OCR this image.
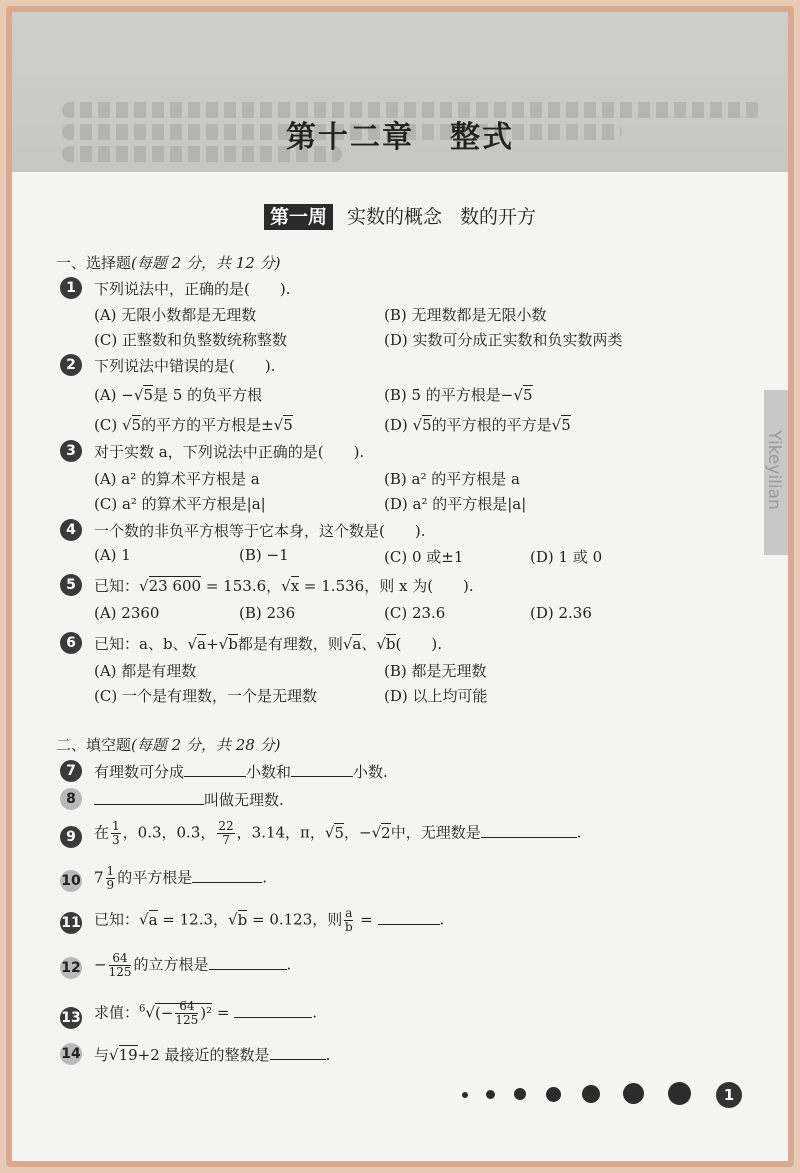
第十二章 整式
第一周 实数的概念 数的开方
Yikeyilian
一、选择题(每题 2 分，共 12 分)
1	下列说法中，正确的是(　　).
(A) 无限小数都是无理数	(B) 无理数都是无限小数
(C) 正整数和负整数统称整数	(D) 实数可分成正实数和负实数两类
2	下列说法中错误的是(　　).
(A) −√5是 5 的负平方根	(B) 5 的平方根是−√5
(C) √5的平方的平方根是±√5	(D) √5的平方根的平方是√5
3	对于实数 a，下列说法中正确的是(　　).
(A) a² 的算术平方根是 a	(B) a² 的平方根是 a
(C) a² 的算术平方根是|a|	(D) a² 的平方根是|a|
4	一个数的非负平方根等于它本身，这个数是(　　).
(A) 1	(B) −1	(C) 0 或±1	(D) 1 或 0
5	已知：√23 600 = 153.6，√x = 1.536，则 x 为(　　).
(A) 2360	(B) 236	(C) 23.6	(D) 2.36
6	已知：a、b、√a+√b都是有理数，则√a、√b(　　).
(A) 都是有理数	(B) 都是无理数
(C) 一个是有理数，一个是无理数	(D) 以上均可能
二、填空题(每题 2 分，共 28 分)
7	有理数可分成	小数和	小数.
8	叫做无理数.
9	在 $\frac{1}{3}$ ，0.3，0.3̇， $\frac{22}{7}$ ，3.14，π，√5，−√2中，无理数是	.
10 $7 \frac{1}{9}$ 的平方根是	.
11 已知：√a = 12.3，√b = 0.123，则 $\frac{a}{b}$ =	.
$12 - \frac{64}{125}$ 的立方根是	.
13 求值：$^6√(- \frac{64}{125} )^2$ =	.
14 与√19+2 最接近的整数是	.
1
